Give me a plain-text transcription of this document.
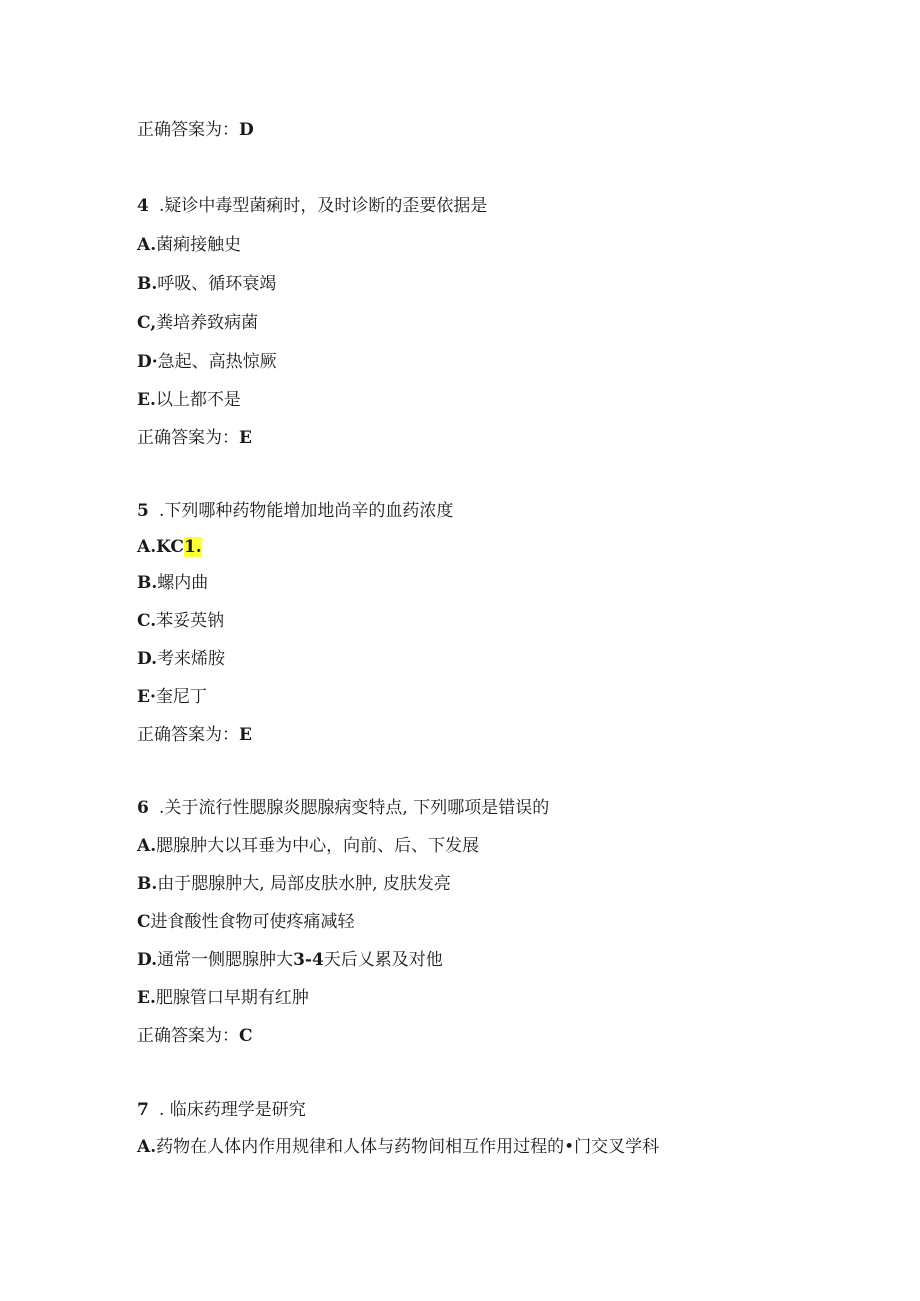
正确答案为：D
4 .疑诊中毒型菌痢时，及时诊断的歪要依据是
A.菌痢接触史
B.呼吸、循环衰竭
C,粪培养致病菌
D·急起、高热惊厥
E.以上都不是
正确答案为：E
5 .下列哪种药物能增加地尚辛的血药浓度
A.KC1.
B.螺内曲
C.苯妥英钠
D.考来烯胺
E·奎尼丁
正确答案为：E
6 .关于流行性腮腺炎腮腺病变特点, 下列哪项是错误的
A.腮腺肿大以耳垂为中心，向前、后、下发展
B.由于腮腺肿大, 局部皮肤水肿, 皮肤发亮
C进食酸性食物可使疼痛减轻
D.通常一侧腮腺肿大3-4天后乂累及对他
E.肥腺管口早期有红肿
正确答案为：C
7 . 临床药理学是研究
A.药物在人体内作用规律和人体与药物间相互作用过程的•门交叉学科
